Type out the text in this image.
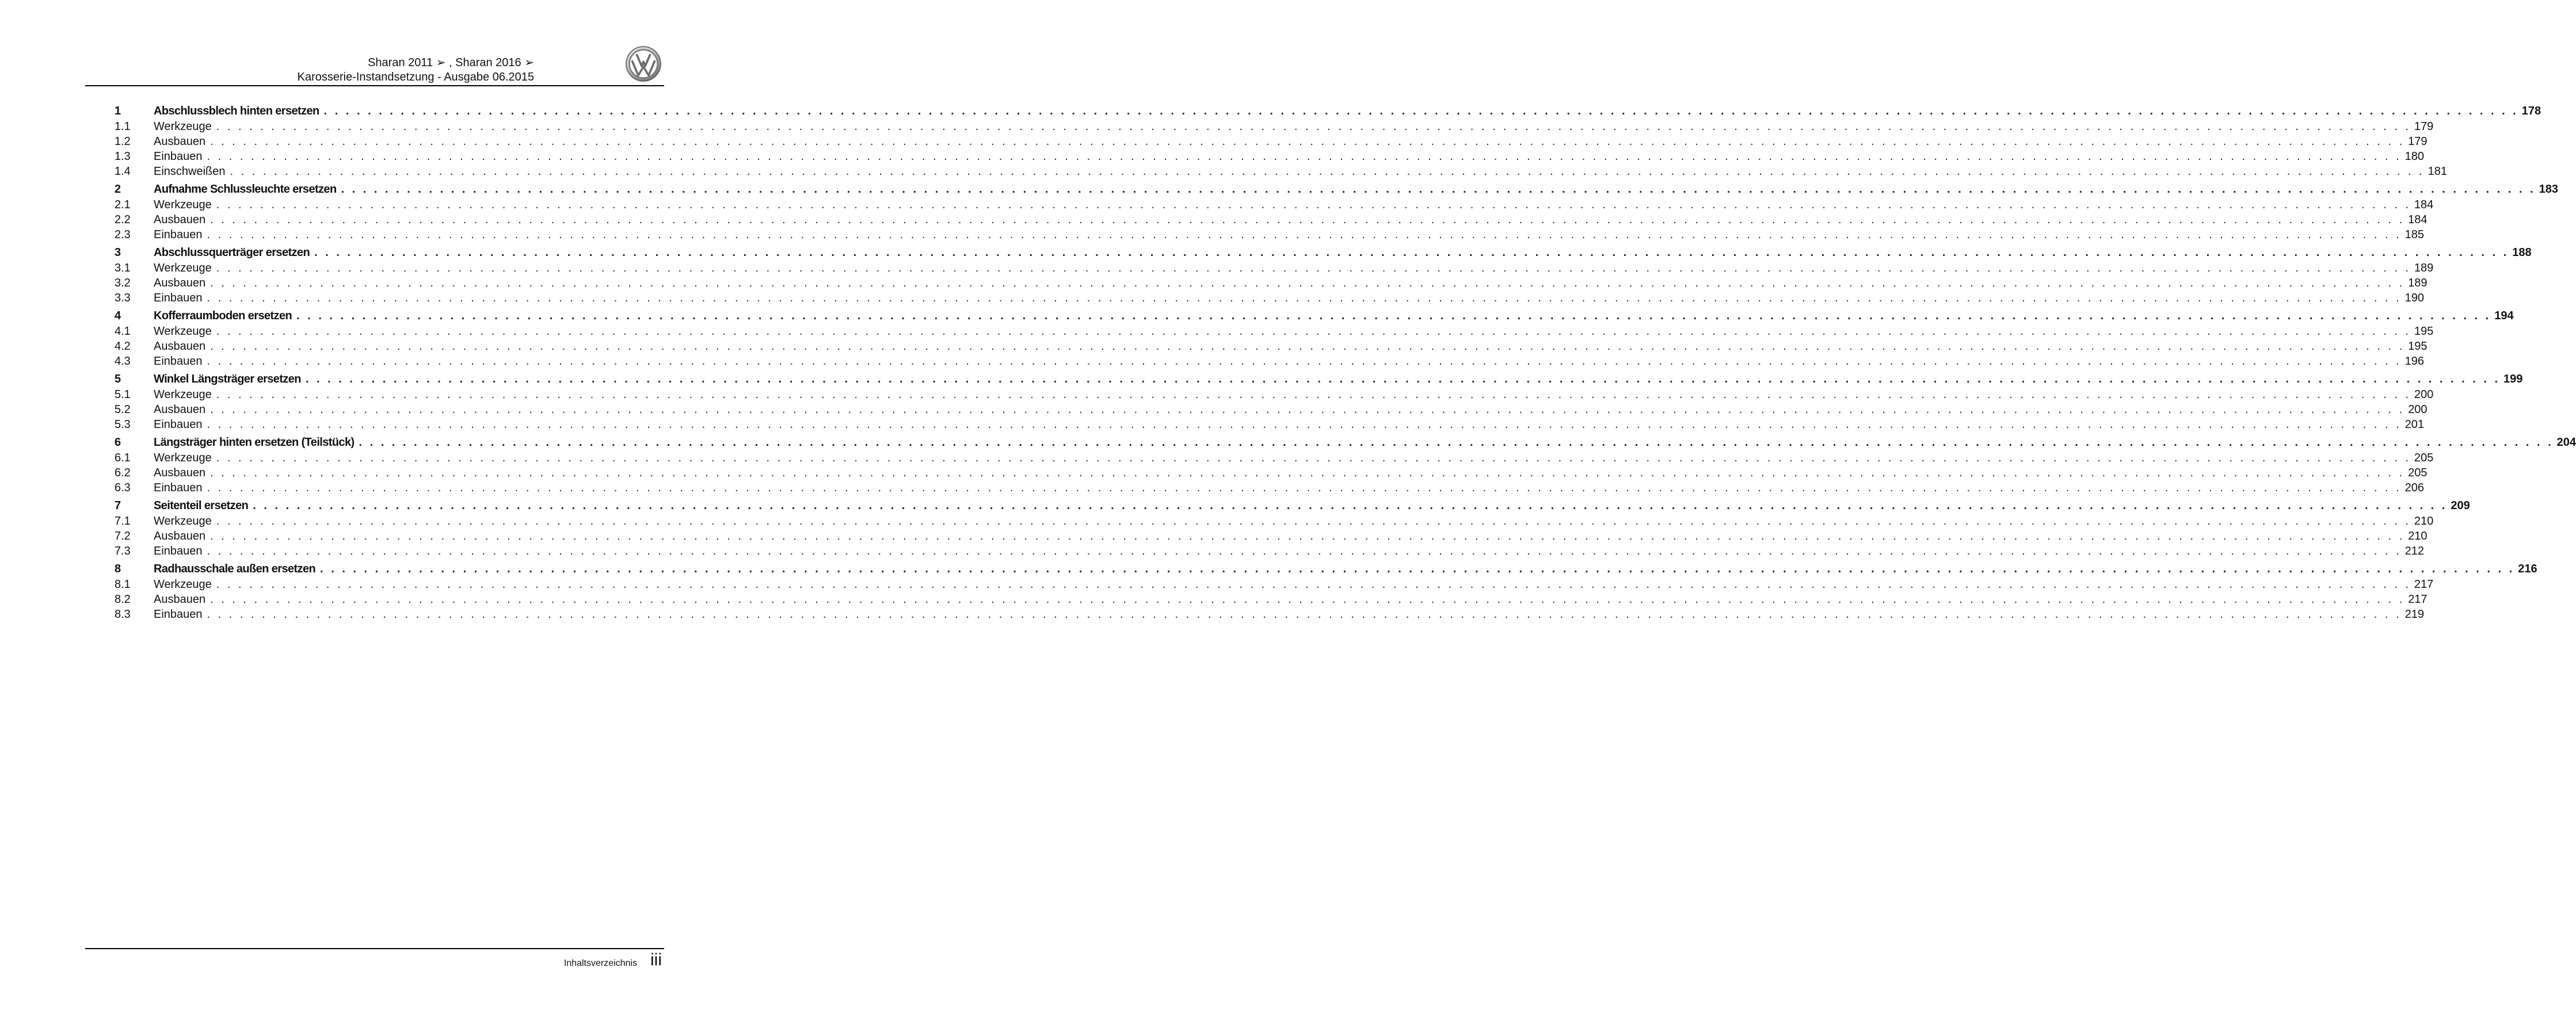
Sharan 2011 ➢ , Sharan 2016 ➢
Karosserie-Instandsetzung - Ausgabe 06.2015
1	Abschlussblech hinten ersetzen . . . . . . . . . . . . . . . . . . . . . . . . . . . . . . . . . . . . . . . . . . . . . . . . . . . . . . . . . . . . . . . . . . . . . . . . . . . . . . . . . . . . . . . . . . . . . . . . . . . . . . . . . . . . . . . . . . . . . . . . . . . . . . . . . . . . . . . . . . . . . . . . . . . . . . . . . . . . . . . . . . . . . . . . . . . . . . . . . . . . . . . . . . . . . . . . . . . . . . . . 178
1.1	Werkzeuge . . . . . . . . . . . . . . . . . . . . . . . . . . . . . . . . . . . . . . . . . . . . . . . . . . . . . . . . . . . . . . . . . . . . . . . . . . . . . . . . . . . . . . . . . . . . . . . . . . . . . . . . . . . . . . . . . . . . . . . . . . . . . . . . . . . . . . . . . . . . . . . . . . . . . . . . . . . . . . . . . . . . . . . . . . . . . . . . . . . . . . . . . . . . . . . . . . . . . . . . 179
1.2	Ausbauen . . . . . . . . . . . . . . . . . . . . . . . . . . . . . . . . . . . . . . . . . . . . . . . . . . . . . . . . . . . . . . . . . . . . . . . . . . . . . . . . . . . . . . . . . . . . . . . . . . . . . . . . . . . . . . . . . . . . . . . . . . . . . . . . . . . . . . . . . . . . . . . . . . . . . . . . . . . . . . . . . . . . . . . . . . . . . . . . . . . . . . . . . . . . . . . . . . . . . . . . 179
1.3	Einbauen . . . . . . . . . . . . . . . . . . . . . . . . . . . . . . . . . . . . . . . . . . . . . . . . . . . . . . . . . . . . . . . . . . . . . . . . . . . . . . . . . . . . . . . . . . . . . . . . . . . . . . . . . . . . . . . . . . . . . . . . . . . . . . . . . . . . . . . . . . . . . . . . . . . . . . . . . . . . . . . . . . . . . . . . . . . . . . . . . . . . . . . . . . . . . . . . . . . . . . . . 180
1.4	Einschweißen . . . . . . . . . . . . . . . . . . . . . . . . . . . . . . . . . . . . . . . . . . . . . . . . . . . . . . . . . . . . . . . . . . . . . . . . . . . . . . . . . . . . . . . . . . . . . . . . . . . . . . . . . . . . . . . . . . . . . . . . . . . . . . . . . . . . . . . . . . . . . . . . . . . . . . . . . . . . . . . . . . . . . . . . . . . . . . . . . . . . . . . . . . . . . . . . . . . . . . . . 181
2	Aufnahme Schlussleuchte ersetzen . . . . . . . . . . . . . . . . . . . . . . . . . . . . . . . . . . . . . . . . . . . . . . . . . . . . . . . . . . . . . . . . . . . . . . . . . . . . . . . . . . . . . . . . . . . . . . . . . . . . . . . . . . . . . . . . . . . . . . . . . . . . . . . . . . . . . . . . . . . . . . . . . . . . . . . . . . . . . . . . . . . . . . . . . . . . . . . . . . . . . . . . . . . . . . . . . . . . . . . . 183
2.1	Werkzeuge . . . . . . . . . . . . . . . . . . . . . . . . . . . . . . . . . . . . . . . . . . . . . . . . . . . . . . . . . . . . . . . . . . . . . . . . . . . . . . . . . . . . . . . . . . . . . . . . . . . . . . . . . . . . . . . . . . . . . . . . . . . . . . . . . . . . . . . . . . . . . . . . . . . . . . . . . . . . . . . . . . . . . . . . . . . . . . . . . . . . . . . . . . . . . . . . . . . . . . . . 184
2.2	Ausbauen . . . . . . . . . . . . . . . . . . . . . . . . . . . . . . . . . . . . . . . . . . . . . . . . . . . . . . . . . . . . . . . . . . . . . . . . . . . . . . . . . . . . . . . . . . . . . . . . . . . . . . . . . . . . . . . . . . . . . . . . . . . . . . . . . . . . . . . . . . . . . . . . . . . . . . . . . . . . . . . . . . . . . . . . . . . . . . . . . . . . . . . . . . . . . . . . . . . . . . . . 184
2.3	Einbauen . . . . . . . . . . . . . . . . . . . . . . . . . . . . . . . . . . . . . . . . . . . . . . . . . . . . . . . . . . . . . . . . . . . . . . . . . . . . . . . . . . . . . . . . . . . . . . . . . . . . . . . . . . . . . . . . . . . . . . . . . . . . . . . . . . . . . . . . . . . . . . . . . . . . . . . . . . . . . . . . . . . . . . . . . . . . . . . . . . . . . . . . . . . . . . . . . . . . . . . . 185
3	Abschlussquerträger ersetzen . . . . . . . . . . . . . . . . . . . . . . . . . . . . . . . . . . . . . . . . . . . . . . . . . . . . . . . . . . . . . . . . . . . . . . . . . . . . . . . . . . . . . . . . . . . . . . . . . . . . . . . . . . . . . . . . . . . . . . . . . . . . . . . . . . . . . . . . . . . . . . . . . . . . . . . . . . . . . . . . . . . . . . . . . . . . . . . . . . . . . . . . . . . . . . . . . . . . . . . . 188
3.1	Werkzeuge . . . . . . . . . . . . . . . . . . . . . . . . . . . . . . . . . . . . . . . . . . . . . . . . . . . . . . . . . . . . . . . . . . . . . . . . . . . . . . . . . . . . . . . . . . . . . . . . . . . . . . . . . . . . . . . . . . . . . . . . . . . . . . . . . . . . . . . . . . . . . . . . . . . . . . . . . . . . . . . . . . . . . . . . . . . . . . . . . . . . . . . . . . . . . . . . . . . . . . . . 189
3.2	Ausbauen . . . . . . . . . . . . . . . . . . . . . . . . . . . . . . . . . . . . . . . . . . . . . . . . . . . . . . . . . . . . . . . . . . . . . . . . . . . . . . . . . . . . . . . . . . . . . . . . . . . . . . . . . . . . . . . . . . . . . . . . . . . . . . . . . . . . . . . . . . . . . . . . . . . . . . . . . . . . . . . . . . . . . . . . . . . . . . . . . . . . . . . . . . . . . . . . . . . . . . . . 189
3.3	Einbauen . . . . . . . . . . . . . . . . . . . . . . . . . . . . . . . . . . . . . . . . . . . . . . . . . . . . . . . . . . . . . . . . . . . . . . . . . . . . . . . . . . . . . . . . . . . . . . . . . . . . . . . . . . . . . . . . . . . . . . . . . . . . . . . . . . . . . . . . . . . . . . . . . . . . . . . . . . . . . . . . . . . . . . . . . . . . . . . . . . . . . . . . . . . . . . . . . . . . . . . . 190
4	Kofferraumboden ersetzen . . . . . . . . . . . . . . . . . . . . . . . . . . . . . . . . . . . . . . . . . . . . . . . . . . . . . . . . . . . . . . . . . . . . . . . . . . . . . . . . . . . . . . . . . . . . . . . . . . . . . . . . . . . . . . . . . . . . . . . . . . . . . . . . . . . . . . . . . . . . . . . . . . . . . . . . . . . . . . . . . . . . . . . . . . . . . . . . . . . . . . . . . . . . . . . . . . . . . . . . 194
4.1	Werkzeuge . . . . . . . . . . . . . . . . . . . . . . . . . . . . . . . . . . . . . . . . . . . . . . . . . . . . . . . . . . . . . . . . . . . . . . . . . . . . . . . . . . . . . . . . . . . . . . . . . . . . . . . . . . . . . . . . . . . . . . . . . . . . . . . . . . . . . . . . . . . . . . . . . . . . . . . . . . . . . . . . . . . . . . . . . . . . . . . . . . . . . . . . . . . . . . . . . . . . . . . . 195
4.2	Ausbauen . . . . . . . . . . . . . . . . . . . . . . . . . . . . . . . . . . . . . . . . . . . . . . . . . . . . . . . . . . . . . . . . . . . . . . . . . . . . . . . . . . . . . . . . . . . . . . . . . . . . . . . . . . . . . . . . . . . . . . . . . . . . . . . . . . . . . . . . . . . . . . . . . . . . . . . . . . . . . . . . . . . . . . . . . . . . . . . . . . . . . . . . . . . . . . . . . . . . . . . . 195
4.3	Einbauen . . . . . . . . . . . . . . . . . . . . . . . . . . . . . . . . . . . . . . . . . . . . . . . . . . . . . . . . . . . . . . . . . . . . . . . . . . . . . . . . . . . . . . . . . . . . . . . . . . . . . . . . . . . . . . . . . . . . . . . . . . . . . . . . . . . . . . . . . . . . . . . . . . . . . . . . . . . . . . . . . . . . . . . . . . . . . . . . . . . . . . . . . . . . . . . . . . . . . . . . 196
5	Winkel Längsträger ersetzen . . . . . . . . . . . . . . . . . . . . . . . . . . . . . . . . . . . . . . . . . . . . . . . . . . . . . . . . . . . . . . . . . . . . . . . . . . . . . . . . . . . . . . . . . . . . . . . . . . . . . . . . . . . . . . . . . . . . . . . . . . . . . . . . . . . . . . . . . . . . . . . . . . . . . . . . . . . . . . . . . . . . . . . . . . . . . . . . . . . . . . . . . . . . . . . . . . . . . . . . 199
5.1	Werkzeuge . . . . . . . . . . . . . . . . . . . . . . . . . . . . . . . . . . . . . . . . . . . . . . . . . . . . . . . . . . . . . . . . . . . . . . . . . . . . . . . . . . . . . . . . . . . . . . . . . . . . . . . . . . . . . . . . . . . . . . . . . . . . . . . . . . . . . . . . . . . . . . . . . . . . . . . . . . . . . . . . . . . . . . . . . . . . . . . . . . . . . . . . . . . . . . . . . . . . . . . . 200
5.2	Ausbauen . . . . . . . . . . . . . . . . . . . . . . . . . . . . . . . . . . . . . . . . . . . . . . . . . . . . . . . . . . . . . . . . . . . . . . . . . . . . . . . . . . . . . . . . . . . . . . . . . . . . . . . . . . . . . . . . . . . . . . . . . . . . . . . . . . . . . . . . . . . . . . . . . . . . . . . . . . . . . . . . . . . . . . . . . . . . . . . . . . . . . . . . . . . . . . . . . . . . . . . . 200
5.3	Einbauen . . . . . . . . . . . . . . . . . . . . . . . . . . . . . . . . . . . . . . . . . . . . . . . . . . . . . . . . . . . . . . . . . . . . . . . . . . . . . . . . . . . . . . . . . . . . . . . . . . . . . . . . . . . . . . . . . . . . . . . . . . . . . . . . . . . . . . . . . . . . . . . . . . . . . . . . . . . . . . . . . . . . . . . . . . . . . . . . . . . . . . . . . . . . . . . . . . . . . . . . 201
6	Längsträger hinten ersetzen (Teilstück) . . . . . . . . . . . . . . . . . . . . . . . . . . . . . . . . . . . . . . . . . . . . . . . . . . . . . . . . . . . . . . . . . . . . . . . . . . . . . . . . . . . . . . . . . . . . . . . . . . . . . . . . . . . . . . . . . . . . . . . . . . . . . . . . . . . . . . . . . . . . . . . . . . . . . . . . . . . . . . . . . . . . . . . . . . . . . . . . . . . . . . . . . . . . . . . . . . . . . . . . 204
6.1	Werkzeuge . . . . . . . . . . . . . . . . . . . . . . . . . . . . . . . . . . . . . . . . . . . . . . . . . . . . . . . . . . . . . . . . . . . . . . . . . . . . . . . . . . . . . . . . . . . . . . . . . . . . . . . . . . . . . . . . . . . . . . . . . . . . . . . . . . . . . . . . . . . . . . . . . . . . . . . . . . . . . . . . . . . . . . . . . . . . . . . . . . . . . . . . . . . . . . . . . . . . . . . . 205
6.2	Ausbauen . . . . . . . . . . . . . . . . . . . . . . . . . . . . . . . . . . . . . . . . . . . . . . . . . . . . . . . . . . . . . . . . . . . . . . . . . . . . . . . . . . . . . . . . . . . . . . . . . . . . . . . . . . . . . . . . . . . . . . . . . . . . . . . . . . . . . . . . . . . . . . . . . . . . . . . . . . . . . . . . . . . . . . . . . . . . . . . . . . . . . . . . . . . . . . . . . . . . . . . . 205
6.3	Einbauen . . . . . . . . . . . . . . . . . . . . . . . . . . . . . . . . . . . . . . . . . . . . . . . . . . . . . . . . . . . . . . . . . . . . . . . . . . . . . . . . . . . . . . . . . . . . . . . . . . . . . . . . . . . . . . . . . . . . . . . . . . . . . . . . . . . . . . . . . . . . . . . . . . . . . . . . . . . . . . . . . . . . . . . . . . . . . . . . . . . . . . . . . . . . . . . . . . . . . . . . 206
7	Seitenteil ersetzen . . . . . . . . . . . . . . . . . . . . . . . . . . . . . . . . . . . . . . . . . . . . . . . . . . . . . . . . . . . . . . . . . . . . . . . . . . . . . . . . . . . . . . . . . . . . . . . . . . . . . . . . . . . . . . . . . . . . . . . . . . . . . . . . . . . . . . . . . . . . . . . . . . . . . . . . . . . . . . . . . . . . . . . . . . . . . . . . . . . . . . . . . . . . . . . . . . . . . . . . 209
7.1	Werkzeuge . . . . . . . . . . . . . . . . . . . . . . . . . . . . . . . . . . . . . . . . . . . . . . . . . . . . . . . . . . . . . . . . . . . . . . . . . . . . . . . . . . . . . . . . . . . . . . . . . . . . . . . . . . . . . . . . . . . . . . . . . . . . . . . . . . . . . . . . . . . . . . . . . . . . . . . . . . . . . . . . . . . . . . . . . . . . . . . . . . . . . . . . . . . . . . . . . . . . . . . . 210
7.2	Ausbauen . . . . . . . . . . . . . . . . . . . . . . . . . . . . . . . . . . . . . . . . . . . . . . . . . . . . . . . . . . . . . . . . . . . . . . . . . . . . . . . . . . . . . . . . . . . . . . . . . . . . . . . . . . . . . . . . . . . . . . . . . . . . . . . . . . . . . . . . . . . . . . . . . . . . . . . . . . . . . . . . . . . . . . . . . . . . . . . . . . . . . . . . . . . . . . . . . . . . . . . . 210
7.3	Einbauen . . . . . . . . . . . . . . . . . . . . . . . . . . . . . . . . . . . . . . . . . . . . . . . . . . . . . . . . . . . . . . . . . . . . . . . . . . . . . . . . . . . . . . . . . . . . . . . . . . . . . . . . . . . . . . . . . . . . . . . . . . . . . . . . . . . . . . . . . . . . . . . . . . . . . . . . . . . . . . . . . . . . . . . . . . . . . . . . . . . . . . . . . . . . . . . . . . . . . . . . 212
8	Radhausschale außen ersetzen . . . . . . . . . . . . . . . . . . . . . . . . . . . . . . . . . . . . . . . . . . . . . . . . . . . . . . . . . . . . . . . . . . . . . . . . . . . . . . . . . . . . . . . . . . . . . . . . . . . . . . . . . . . . . . . . . . . . . . . . . . . . . . . . . . . . . . . . . . . . . . . . . . . . . . . . . . . . . . . . . . . . . . . . . . . . . . . . . . . . . . . . . . . . . . . . . . . . . . . . 216
8.1	Werkzeuge . . . . . . . . . . . . . . . . . . . . . . . . . . . . . . . . . . . . . . . . . . . . . . . . . . . . . . . . . . . . . . . . . . . . . . . . . . . . . . . . . . . . . . . . . . . . . . . . . . . . . . . . . . . . . . . . . . . . . . . . . . . . . . . . . . . . . . . . . . . . . . . . . . . . . . . . . . . . . . . . . . . . . . . . . . . . . . . . . . . . . . . . . . . . . . . . . . . . . . . . 217
8.2	Ausbauen . . . . . . . . . . . . . . . . . . . . . . . . . . . . . . . . . . . . . . . . . . . . . . . . . . . . . . . . . . . . . . . . . . . . . . . . . . . . . . . . . . . . . . . . . . . . . . . . . . . . . . . . . . . . . . . . . . . . . . . . . . . . . . . . . . . . . . . . . . . . . . . . . . . . . . . . . . . . . . . . . . . . . . . . . . . . . . . . . . . . . . . . . . . . . . . . . . . . . . . . 217
8.3	Einbauen . . . . . . . . . . . . . . . . . . . . . . . . . . . . . . . . . . . . . . . . . . . . . . . . . . . . . . . . . . . . . . . . . . . . . . . . . . . . . . . . . . . . . . . . . . . . . . . . . . . . . . . . . . . . . . . . . . . . . . . . . . . . . . . . . . . . . . . . . . . . . . . . . . . . . . . . . . . . . . . . . . . . . . . . . . . . . . . . . . . . . . . . . . . . . . . . . . . . . . . . 219
Inhaltsverzeichnis iii
